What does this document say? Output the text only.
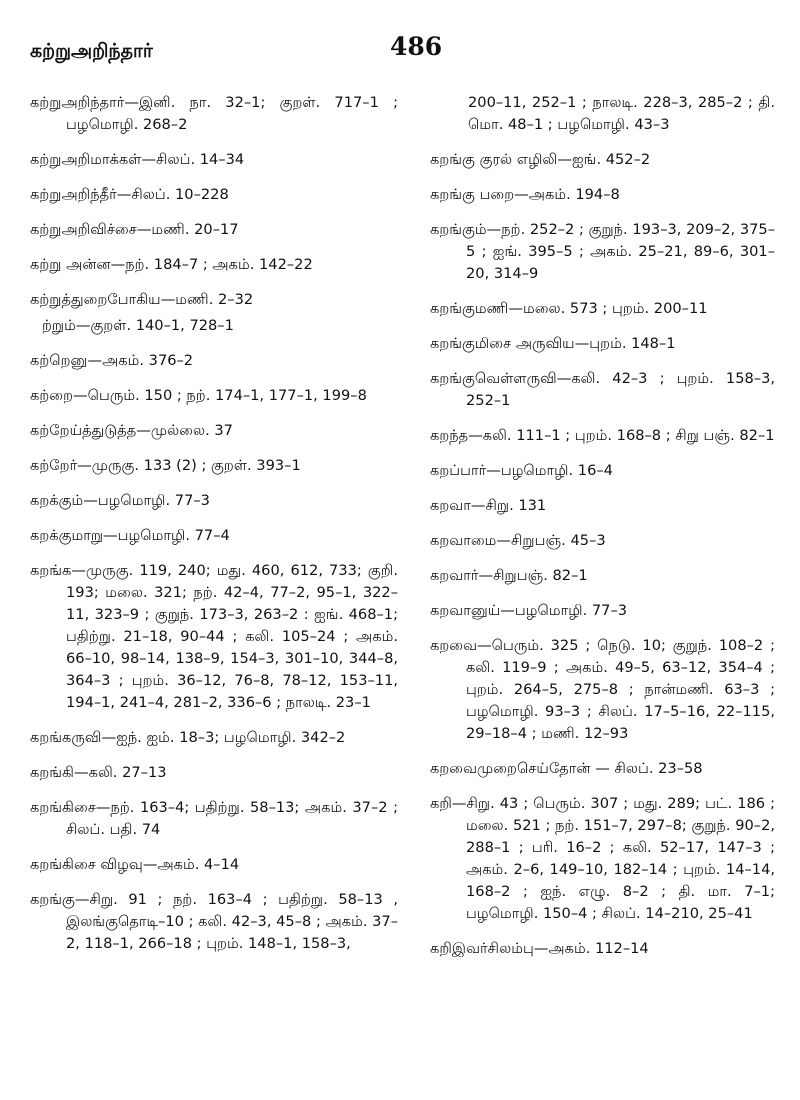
கற்றுஅறிந்தார்	486
கற்றுஅறிந்தார்—இனி. நா. 32–1; குறள். 717–1 ; பழமொழி. 268–2
கற்றுஅறிமாக்கள்—சிலப். 14–34
கற்றுஅறிந்தீர்—சிலப். 10–228
கற்றுஅறிவிச்சை—மணி. 20–17
கற்று அன்ன—நற். 184–7 ; அகம். 142–22
கற்றுத்துறைபோகிய—மணி. 2–32
ற்றும்—குறள். 140–1, 728–1
கற்றெனு—அகம். 376–2
கற்றை—பெரும். 150 ; நற். 174–1, 177–1, 199–8
கற்றேய்த்துடுத்த—முல்லை. 37
கற்றேர்—முருகு. 133 (2) ; குறள். 393–1
கறக்கும்—பழமொழி. 77–3
கறக்குமாறு—பழமொழி. 77–4
கறங்க—முருகு. 119, 240; மது. 460, 612, 733; குறி. 193; மலை. 321; நற். 42–4, 77–2, 95–1, 322–11, 323–9 ; குறுந். 173–3, 263–2 : ஐங். 468–1; பதிற்று. 21–18, 90–44 ; கலி. 105–24 ; அகம். 66–10, 98–14, 138–9, 154–3, 301–10, 344–8, 364–3 ; புறம். 36–12, 76–8, 78–12, 153–11, 194–1, 241–4, 281–2, 336–6 ; நாலடி. 23–1
கறங்கருவி—ஐந். ஐம். 18–3; பழமொழி. 342–2
கறங்கி—கலி. 27–13
கறங்கிசை—நற். 163–4; பதிற்று. 58–13; அகம். 37–2 ; சிலப். பதி. 74
கறங்கிசை விழவு—அகம். 4–14
கறங்கு—சிறு. 91 ; நற். 163–4 ; பதிற்று. 58–13 , இலங்குதொடி–10 ; கலி. 42–3, 45–8 ; அகம். 37–2, 118–1, 266–18 ; புறம். 148–1, 158–3,
200–11, 252–1 ; நாலடி. 228–3, 285–2 ; தி. மொ. 48–1 ; பழமொழி. 43–3
கறங்கு குரல் எழிலி—ஐங். 452–2
கறங்கு பறை—அகம். 194–8
கறங்கும்—நற். 252–2 ; குறுந். 193–3, 209–2, 375–5 ; ஐங். 395–5 ; அகம். 25–21, 89–6, 301–20, 314–9
கறங்குமணி—மலை. 573 ; புறம். 200–11
கறங்குமிசை அருவிய—புறம். 148–1
கறங்குவெள்ளருவி—கலி. 42–3 ; புறம். 158–3, 252–1
கறந்த—கலி. 111–1 ; புறம். 168–8 ; சிறு பஞ். 82–1
கறப்பார்—பழமொழி. 16–4
கறவா—சிறு. 131
கறவாமை—சிறுபஞ். 45–3
கறவார்—சிறுபஞ். 82–1
கறவானுய்—பழமொழி. 77–3
கறவை—பெரும். 325 ; நெடு. 10; குறுந். 108–2 ; கலி. 119–9 ; அகம். 49–5, 63–12, 354–4 ; புறம். 264–5, 275–8 ; நான்மணி. 63–3 ; பழமொழி. 93–3 ; சிலப். 17–5–16, 22–115, 29–18–4 ; மணி. 12–93
கறவைமுறைசெய்தோன் — சிலப். 23–58
கறி—சிறு. 43 ; பெரும். 307 ; மது. 289; பட். 186 ; மலை. 521 ; நற். 151–7, 297–8; குறுந். 90–2, 288–1 ; பரி. 16–2 ; கலி. 52–17, 147–3 ; அகம். 2–6, 149–10, 182–14 ; புறம். 14–14, 168–2 ; ஐந். எழு. 8–2 ; தி. மா. 7–1; பழமொழி. 150–4 ; சிலப். 14–210, 25–41
கறிஇவர்சிலம்பு—அகம். 112–14
